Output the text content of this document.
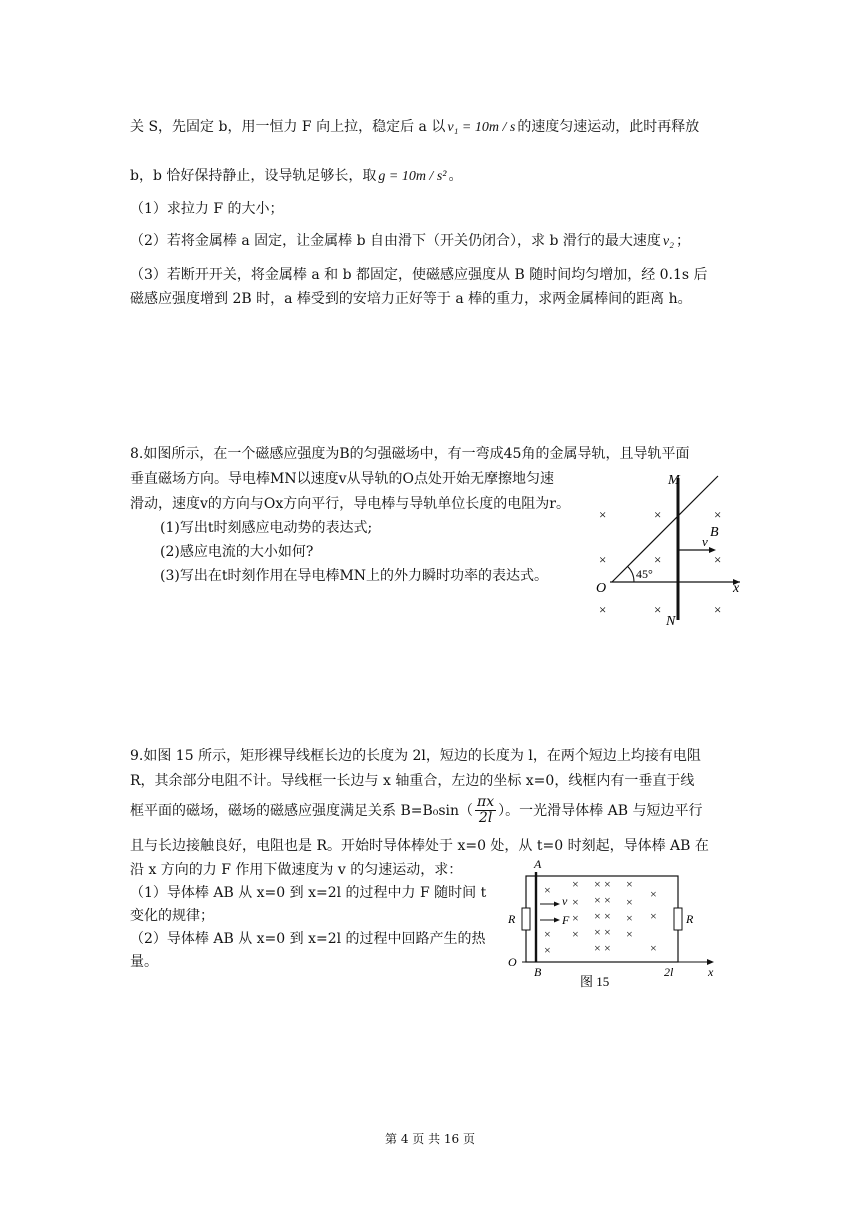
关 S，先固定 b，用一恒力 F 向上拉，稳定后 a 以 v₁ = 10m / s 的速度匀速运动，此时再释放
b，b 恰好保持静止，设导轨足够长，取 g = 10m / s² 。
（1）求拉力 F 的大小；
（2）若将金属棒 a 固定，让金属棒 b 自由滑下（开关仍闭合），求 b 滑行的最大速度 v₂ ；
（3）若断开开关，将金属棒 a 和 b 都固定，使磁感应强度从 B 随时间均匀增加，经 0.1s 后
磁感应强度增到 2B 时，a 棒受到的安培力正好等于 a 棒的重力，求两金属棒间的距离 h。
8.如图所示，在一个磁感应强度为B的匀强磁场中，有一弯成45角的金属导轨，且导轨平面
垂直磁场方向。导电棒MN以速度v从导轨的O点处开始无摩擦地匀速
滑动，速度v的方向与Ox方向平行，导电棒与导轨单位长度的电阻为r。
(1)写出t时刻感应电动势的表达式;
(2)感应电流的大小如何?
(3)写出在t时刻作用在导电棒MN上的外力瞬时功率的表达式。
M
N
O	x
B
v
45°
×	×	×
×	×	×
×	×	×
9.如图 15 所示，矩形裸导线框长边的长度为 2l，短边的长度为 l，在两个短边上均接有电阻
R，其余部分电阻不计。导线框一长边与 x 轴重合，左边的坐标 x=0，线框内有一垂直于线
框平面的磁场，磁场的磁感应强度满足关系 $B=B_0\sin( \frac{\pi x}{2l}$ ）。一光滑导体棒 AB 与短边平行
且与长边接触良好，电阻也是 R。开始时导体棒处于 x=0 处，从 t=0 时刻起，导体棒 AB 在
沿 x 方向的力 F 作用下做速度为 v 的匀速运动，求：
（1）导体棒 AB 从 x=0 到 x=2l 的过程中力 F 随时间 t
变化的规律；
（2）导体棒 AB 从 x=0 到 x=2l 的过程中回路产生的热
量。
A
B
O
R	R
2l	x
v
F
图 15
× × × × ×
× × × ×
×
× × × × ×
× × × × ×
×	× ×	×
第 4 页 共 16 页
